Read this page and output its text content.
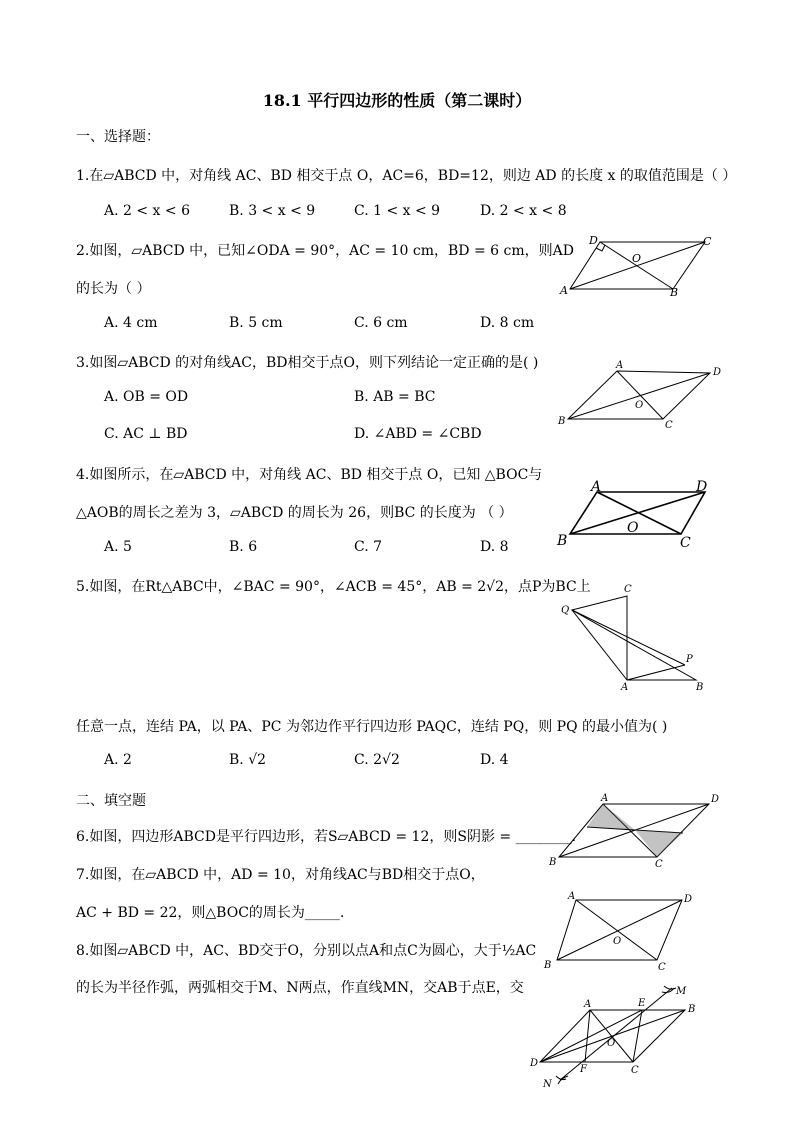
18.1 平行四边形的性质（第二课时）
一、选择题：
1.在▱ABCD 中，对角线 AC、BD 相交于点 O，AC=6，BD=12，则边 AD 的长度 x 的取值范围是（ ）
A. 2 < x < 6	B. 3 < x < 9	C. 1 < x < 9	D. 2 < x < 8
2.如图，▱ABCD 中，已知∠ODA = 90°，AC = 10 cm，BD = 6 cm，则AD
的长为（ ）
A. 4 cm	B. 5 cm	C. 6 cm	D. 8 cm
D	C
O
A	B
3.如图▱ABCD 的对角线AC，BD相交于点O，则下列结论一定正确的是( )
A. OB = OD	B. AB = BC
C. AC ⊥ BD	D. ∠ABD = ∠CBD
A
D
O
B	C
4.如图所示，在▱ABCD 中，对角线 AC、BD 相交于点 O，已知 △BOC与
△AOB的周长之差为 3，▱ABCD 的周长为 26，则BC 的长度为 （ ）
A. 5	B. 6	C. 7	D. 8
A	D
O
B	C
5.如图，在Rt△ABC中，∠BAC = 90°，∠ACB = 45°，AB = 2√2，点P为BC上	C
Q
P
A	B
任意一点，连结 PA，以 PA、PC 为邻边作平行四边形 PAQC，连结 PQ，则 PQ 的最小值为( )
A. 2	B. √2	C. 2√2	D. 4
二、填空题	A	D
B	C
6.如图，四边形ABCD是平行四边形，若S▱ABCD = 12，则S阴影 = ________.
7.如图，在▱ABCD 中，AD = 10，对角线AC与BD相交于点O，
AC + BD = 22，则△BOC的周长为_____.
A	D
O
B	C
8.如图▱ABCD 中，AC、BD交于O，分别以点A和点C为圆心，大于½AC
的长为半径作弧，两弧相交于M、N两点，作直线MN，交AB于点E，交
A	E
M
B
O
D
F	C
N
